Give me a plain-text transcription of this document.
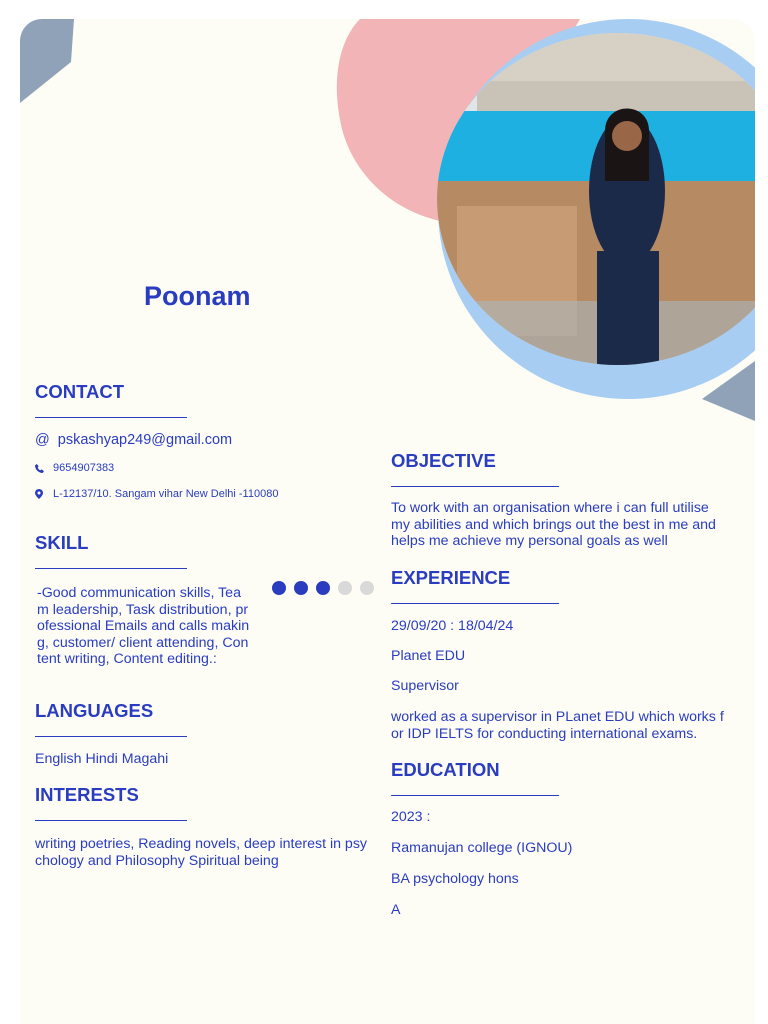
Poonam
CONTACT

@ pskashyap249@gmail.com

9654907383

L-12137/10. Sangam vihar New Delhi -110080

SKILL
-Good communication skills, Tea
m leadership, Task distribution, pr
ofessional Emails and calls makin
g, customer/ client attending, Con
tent writing, Content editing.:
LANGUAGES

English Hindi Magahi

INTERESTS
writing poetries, Reading novels, deep interest in psy
chology and Philosophy Spiritual being
OBJECTIVE
To work with an organisation where i can full utilise
my abilities and which brings out the best in me and
helps me achieve my personal goals as well
EXPERIENCE

29/09/20 : 18/04/24

Planet EDU

Supervisor

worked as a supervisor in PLanet EDU which works f
or IDP IELTS for conducting international exams.
EDUCATION

2023 :

Ramanujan college (IGNOU)

BA psychology hons

A
